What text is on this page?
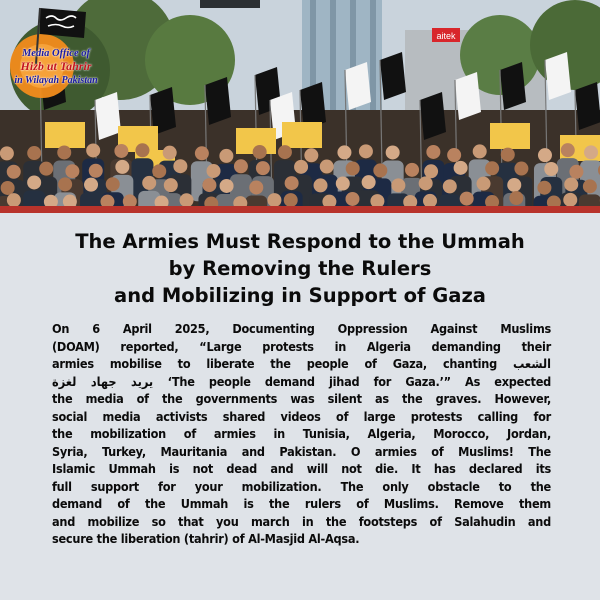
aitek
Media Office of
Hizb ut Tahrir
in Wilayah Pakistan
The Armies Must Respond to the Ummah
by Removing the Rulers
and Mobilizing in Support of Gaza
On 6 April 2025, Documenting Oppression Against Muslims
(DOAM) reported, “Large protests in Algeria demanding their
armies mobilise to liberate the people of Gaza, chanting الشعب
يريد جهاد لغزة ‘The people demand jihad for Gaza.’” As expected
the media of the governments was silent as the graves. However,
social media activists shared videos of large protests calling for
the mobilization of armies in Tunisia, Algeria, Morocco, Jordan,
Syria, Turkey, Mauritania and Pakistan. O armies of Muslims! The
Islamic Ummah is not dead and will not die. It has declared its
full support for your mobilization. The only obstacle to the
demand of the Ummah is the rulers of Muslims. Remove them
and mobilize so that you march in the footsteps of Salahudin and
secure the liberation (tahrir) of Al-Masjid Al-Aqsa.
